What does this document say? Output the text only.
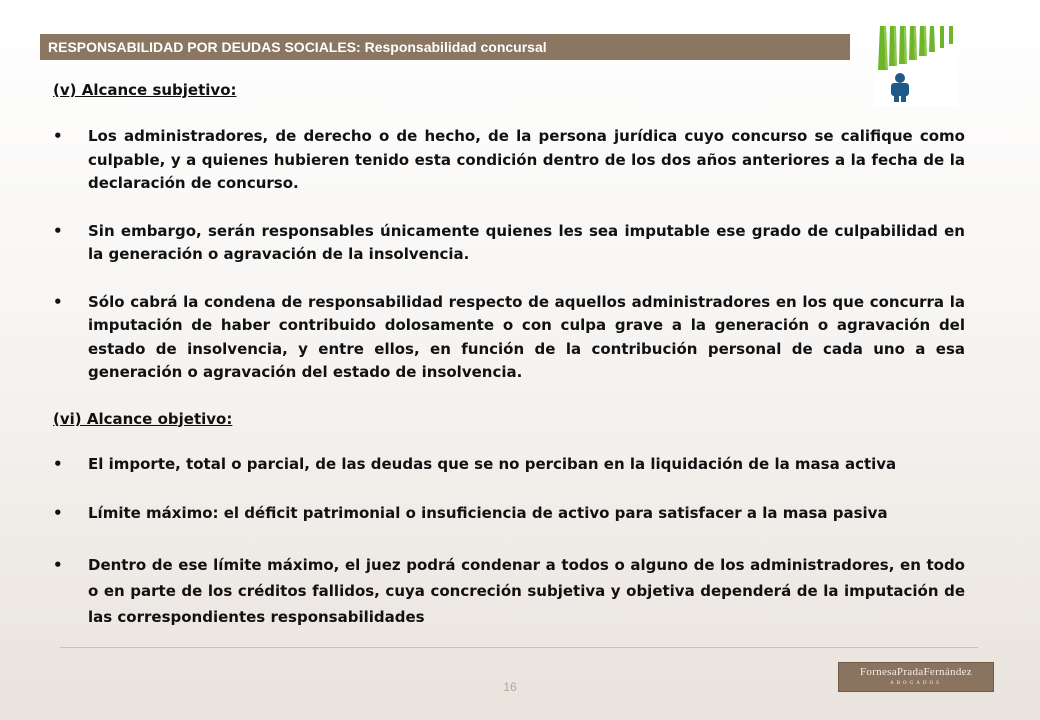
RESPONSABILIDAD POR DEUDAS SOCIALES: Responsabilidad concursal

(v) Alcance subjetivo:

• Los administradores, de derecho o de hecho, de la persona jurídica cuyo concurso se califique como culpable, y a quienes hubieren tenido esta condición dentro de los dos años anteriores a la fecha de la declaración de concurso.
• Sin embargo, serán responsables únicamente quienes les sea imputable ese grado de culpabilidad en la generación o agravación de la insolvencia.
• Sólo cabrá la condena de responsabilidad respecto de aquellos administradores en los que concurra la imputación de haber contribuido dolosamente o con culpa grave a la generación o agravación del estado de insolvencia, y entre ellos, en función de la contribución personal de cada uno a esa generación o agravación del estado de insolvencia.

(vi) Alcance objetivo:

• El importe, total o parcial, de las deudas que se no perciban en la liquidación de la masa activa
• Límite máximo: el déficit patrimonial o insuficiencia de activo para satisfacer a la masa pasiva
• Dentro de ese límite máximo, el juez podrá condenar a todos o alguno de los administradores, en todo o en parte de los créditos fallidos, cuya concreción subjetiva y objetiva dependerá de la imputación de las correspondientes responsabilidades
16
FornesaPradaFernández
ABOGADOS
